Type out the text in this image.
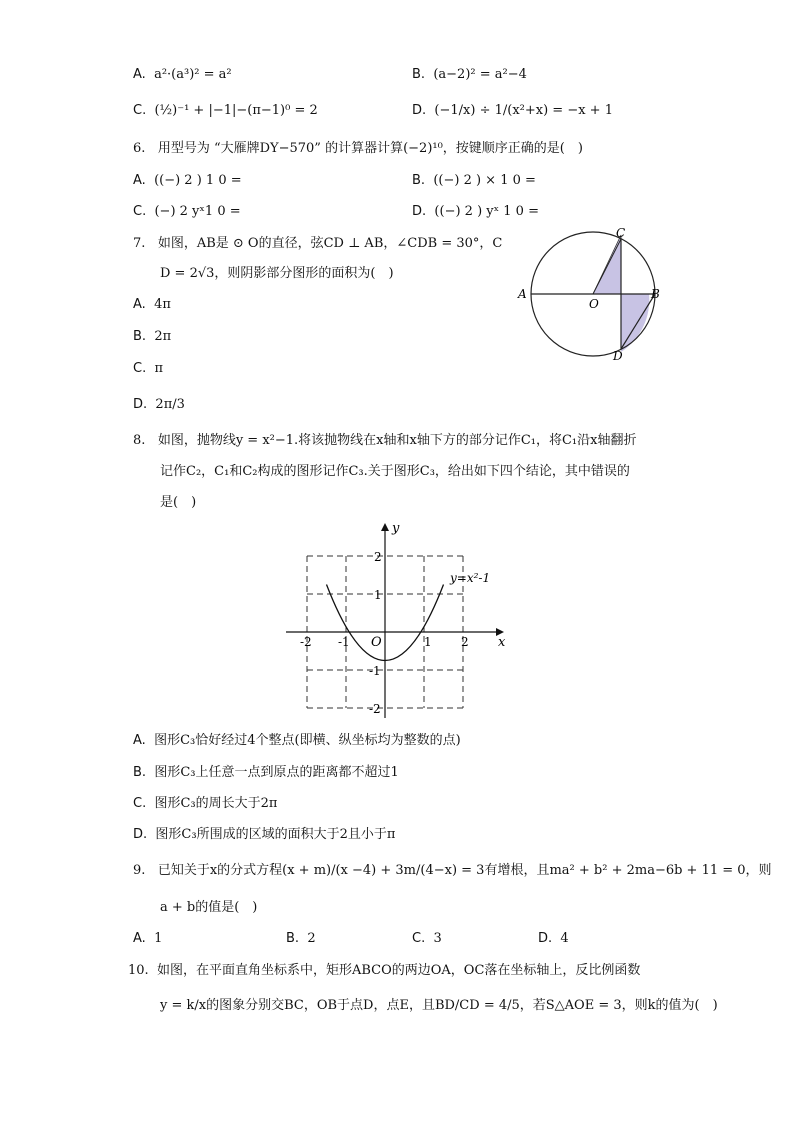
A. a²·(a³)² = a²	B. (a−2)² = a²−4
C. (½)⁻¹ + |−1|−(π−1)⁰ = 2	D. (−1/x) ÷ 1/(x²+x) = −x + 1
6. 用型号为 “大雁牌DY−570” 的计算器计算(−2)¹⁰，按键顺序正确的是(　)
A. ((−) 2 ) 1 0 =	B. ((−) 2 ) × 1 0 =
C. (−) 2 yˣ1 0 =	D. ((−) 2 ) yˣ 1 0 =
7. 如图，AB是 ⊙ O的直径，弦CD ⊥ AB，∠CDB = 30°，C
D = 2√3，则阴影部分图形的面积为(　)
A. 4π
B. 2π
C. π
D. 2π/3
A	B
C
D
O
8. 如图，抛物线y = x²−1.将该抛物线在x轴和x轴下方的部分记作C₁，将C₁沿x轴翻折
记作C₂，C₁和C₂构成的图形记作C₃.关于图形C₃，给出如下四个结论，其中错误的
是(　)
y
x
O
y=x²-1
-2 -1	1 2
2
1
-1
-2
A. 图形C₃恰好经过4个整点(即横、纵坐标均为整数的点)
B. 图形C₃上任意一点到原点的距离都不超过1
C. 图形C₃的周长大于2π
D. 图形C₃所围成的区域的面积大于2且小于π
9. 已知关于x的分式方程(x + m)/(x −4) + 3m/(4−x) = 3有增根，且ma² + b² + 2ma−6b + 11 = 0，则
a + b的值是(　)
A. 1	B. 2	C. 3	D. 4
10. 如图，在平面直角坐标系中，矩形ABCO的两边OA，OC落在坐标轴上，反比例函数
y = k/x的图象分别交BC，OB于点D，点E，且BD/CD = 4/5，若S△AOE = 3，则k的值为(　)
